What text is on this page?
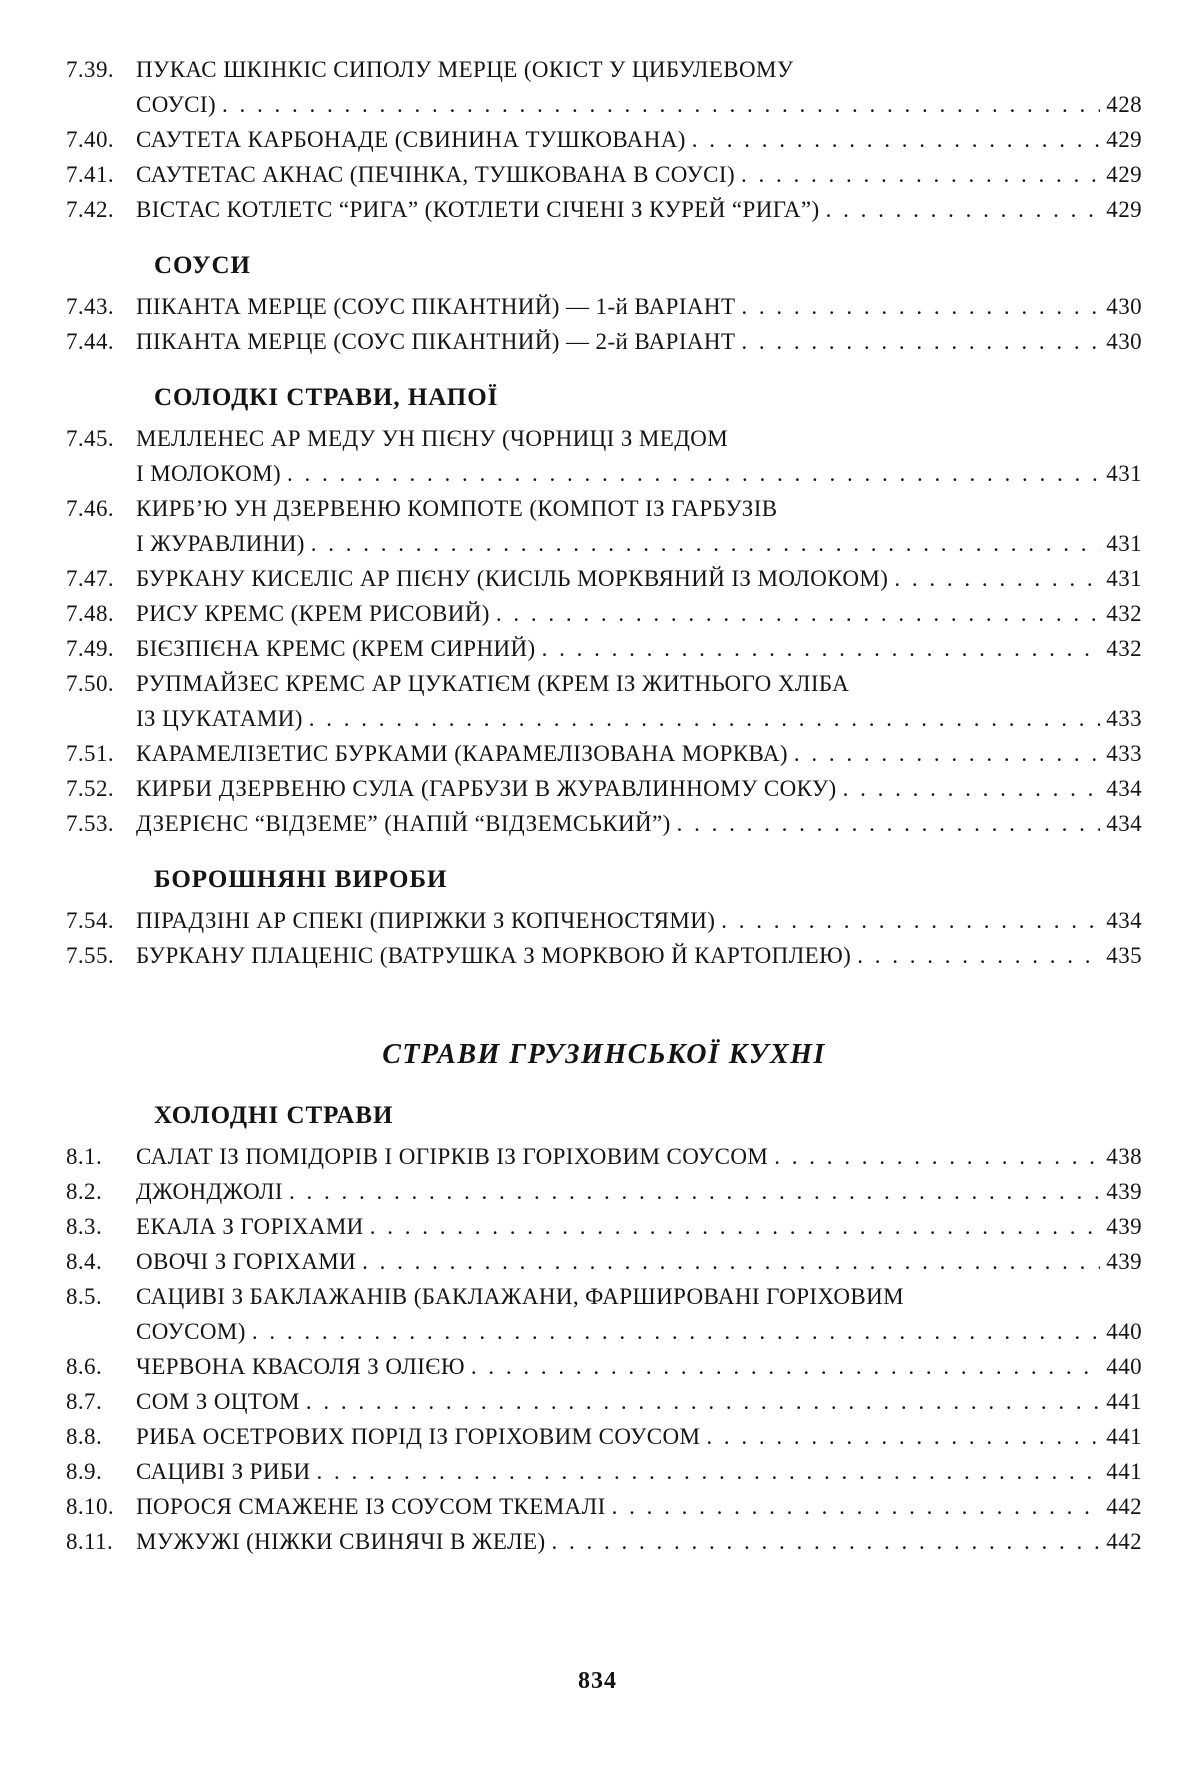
7.39. ПУКАС ШКІНКІС СИПОЛУ МЕРЦЕ (ОКІСТ У ЦИБУЛЕВОМУ
СОУСІ) . . .	428
7.40. САУТЕТА КАРБОНАДЕ (СВИНИНА ТУШКОВАНА) . . .	429
7.41. САУТЕТАС АКНАС (ПЕЧІНКА, ТУШКОВАНА В СОУСІ) . . .	429
7.42. ВІСТАС КОТЛЕТС “РИГА” (КОТЛЕТИ СІЧЕНІ З КУРЕЙ “РИГА”) . . .	429
СОУСИ
7.43. ПІКАНТА МЕРЦЕ (СОУС ПІКАНТНИЙ) — 1-й ВАРІАНТ . . .	430
7.44. ПІКАНТА МЕРЦЕ (СОУС ПІКАНТНИЙ) — 2-й ВАРІАНТ . . .	430
СОЛОДКІ СТРАВИ, НАПОЇ
7.45. МЕЛЛЕНЕС АР МЕДУ УН ПІЄНУ (ЧОРНИЦІ З МЕДОМ
І МОЛОКОМ) . . .	431
7.46. КИРБ’Ю УН ДЗЕРВЕНЮ КОМПОТЕ (КОМПОТ ІЗ ГАРБУЗІВ
І ЖУРАВЛИНИ) . . .	431
7.47. БУРКАНУ КИСЕЛІС АР ПІЄНУ (КИСІЛЬ МОРКВЯНИЙ ІЗ МОЛОКОМ) . . .	431
7.48. РИСУ КРЕМС (КРЕМ РИСОВИЙ) . . .	432
7.49. БІЄЗПІЄНА КРЕМС (КРЕМ СИРНИЙ) . . .	432
7.50. РУПМАЙЗЕС КРЕМС АР ЦУКАТІЄМ (КРЕМ ІЗ ЖИТНЬОГО ХЛІБА
ІЗ ЦУКАТАМИ) . . .	433
7.51. КАРАМЕЛІЗЕТИС БУРКАМИ (КАРАМЕЛІЗОВАНА МОРКВА) . . .	433
7.52. КИРБИ ДЗЕРВЕНЮ СУЛА (ГАРБУЗИ В ЖУРАВЛИННОМУ СОКУ) . . .	434
7.53. ДЗЕРІЄНС “ВІДЗЕМЕ” (НАПІЙ “ВІДЗЕМСЬКИЙ”) . . .	434
БОРОШНЯНІ ВИРОБИ
7.54. ПІРАДЗІНІ АР СПЕКІ (ПИРІЖКИ З КОПЧЕНОСТЯМИ) . . .	434
7.55. БУРКАНУ ПЛАЦЕНІС (ВАТРУШКА З МОРКВОЮ Й КАРТОПЛЕЮ) . . .	435
СТРАВИ ГРУЗИНСЬКОЇ КУХНІ
ХОЛОДНІ СТРАВИ
8.1.	САЛАТ ІЗ ПОМІДОРІВ І ОГІРКІВ ІЗ ГОРІХОВИМ СОУСОМ . . .	438
8.2.	ДЖОНДЖОЛІ . . .	439
8.3.	ЕКАЛА З ГОРІХАМИ . . .	439
8.4.	ОВОЧІ З ГОРІХАМИ . . .	439
8.5.	САЦИВІ З БАКЛАЖАНІВ (БАКЛАЖАНИ, ФАРШИРОВАНІ ГОРІХОВИМ
СОУСОМ) . . .	440
8.6.	ЧЕРВОНА КВАСОЛЯ З ОЛІЄЮ . . .	440
8.7.	СОМ З ОЦТОМ . . .	441
8.8.	РИБА ОСЕТРОВИХ ПОРІД ІЗ ГОРІХОВИМ СОУСОМ . . .	441
8.9.	САЦИВІ З РИБИ . . .	441
8.10. ПОРОСЯ СМАЖЕНЕ ІЗ СОУСОМ ТКЕМАЛІ . . .	442
8.11. МУЖУЖІ (НІЖКИ СВИНЯЧІ В ЖЕЛЕ) . . .	442
834
